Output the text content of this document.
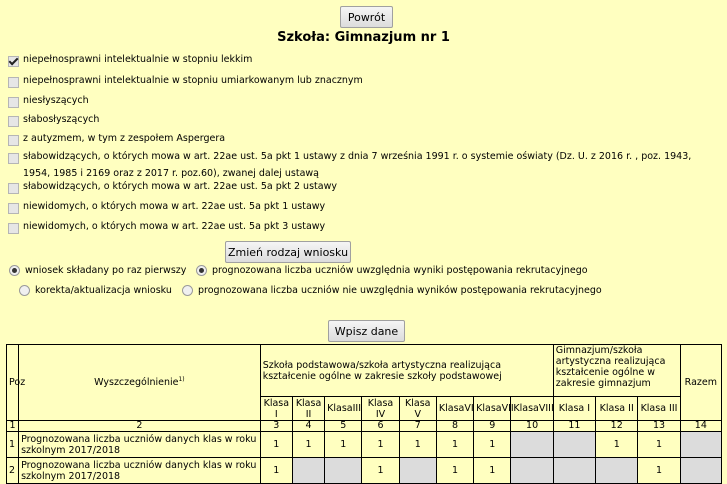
Powrót
Szkoła: Gimnazjum nr 1
niepełnosprawni intelektualnie w stopniu lekkim
niepełnosprawni intelektualnie w stopniu umiarkowanym lub znacznym
niesłyszących
słabosłyszących
z autyzmem, w tym z zespołem Aspergera
słabowidzących, o których mowa w art. 22ae ust. 5a pkt 1 ustawy z dnia 7 września 1991 r. o systemie oświaty (Dz. U. z 2016 r. , poz. 1943, 1954, 1985 i 2169 oraz z 2017 r. poz.60), zwanej dalej ustawą
słabowidzących, o których mowa w art. 22ae ust. 5a pkt 2 ustawy
niewidomych, o których mowa w art. 22ae ust. 5a pkt 1 ustawy
niewidomych, o których mowa w art. 22ae ust. 5a pkt 3 ustawy
Zmień rodzaj wniosku
wniosek składany po raz pierwszy	prognozowana liczba uczniów uwzględnia wyniki postępowania rekrutacyjnego
korekta/aktualizacja wniosku	prognozowana liczba uczniów nie uwzględnia wyników postępowania rekrutacyjnego
Wpisz dane
Poz	Wyszczególnienie$^{1)}$	Szkoła podstawowa/szkoła artystyczna realizująca kształcenie ogólne w zakresie szkoły podstawowej								Gimnazjum/szkoła artystyczna realizująca kształcenie ogólne w zakresie gimnazjum			Razem
		Klasa I	Klasa II	KlasaIII	Klasa IV	Klasa V	KlasaVI	KlasaVII	KlasaVIII	Klasa I	Klasa II	Klasa III	
1	2	3	4	5	6	7	8	9	10	11	12	13	14
1	Prognozowana liczba uczniów danych klas w roku szkolnym 2017/2018	1	1	1	1	1	1	1			1	1	
2	Prognozowana liczba uczniów danych klas w roku szkolnym 2017/2018	1			1		1	1				1	
